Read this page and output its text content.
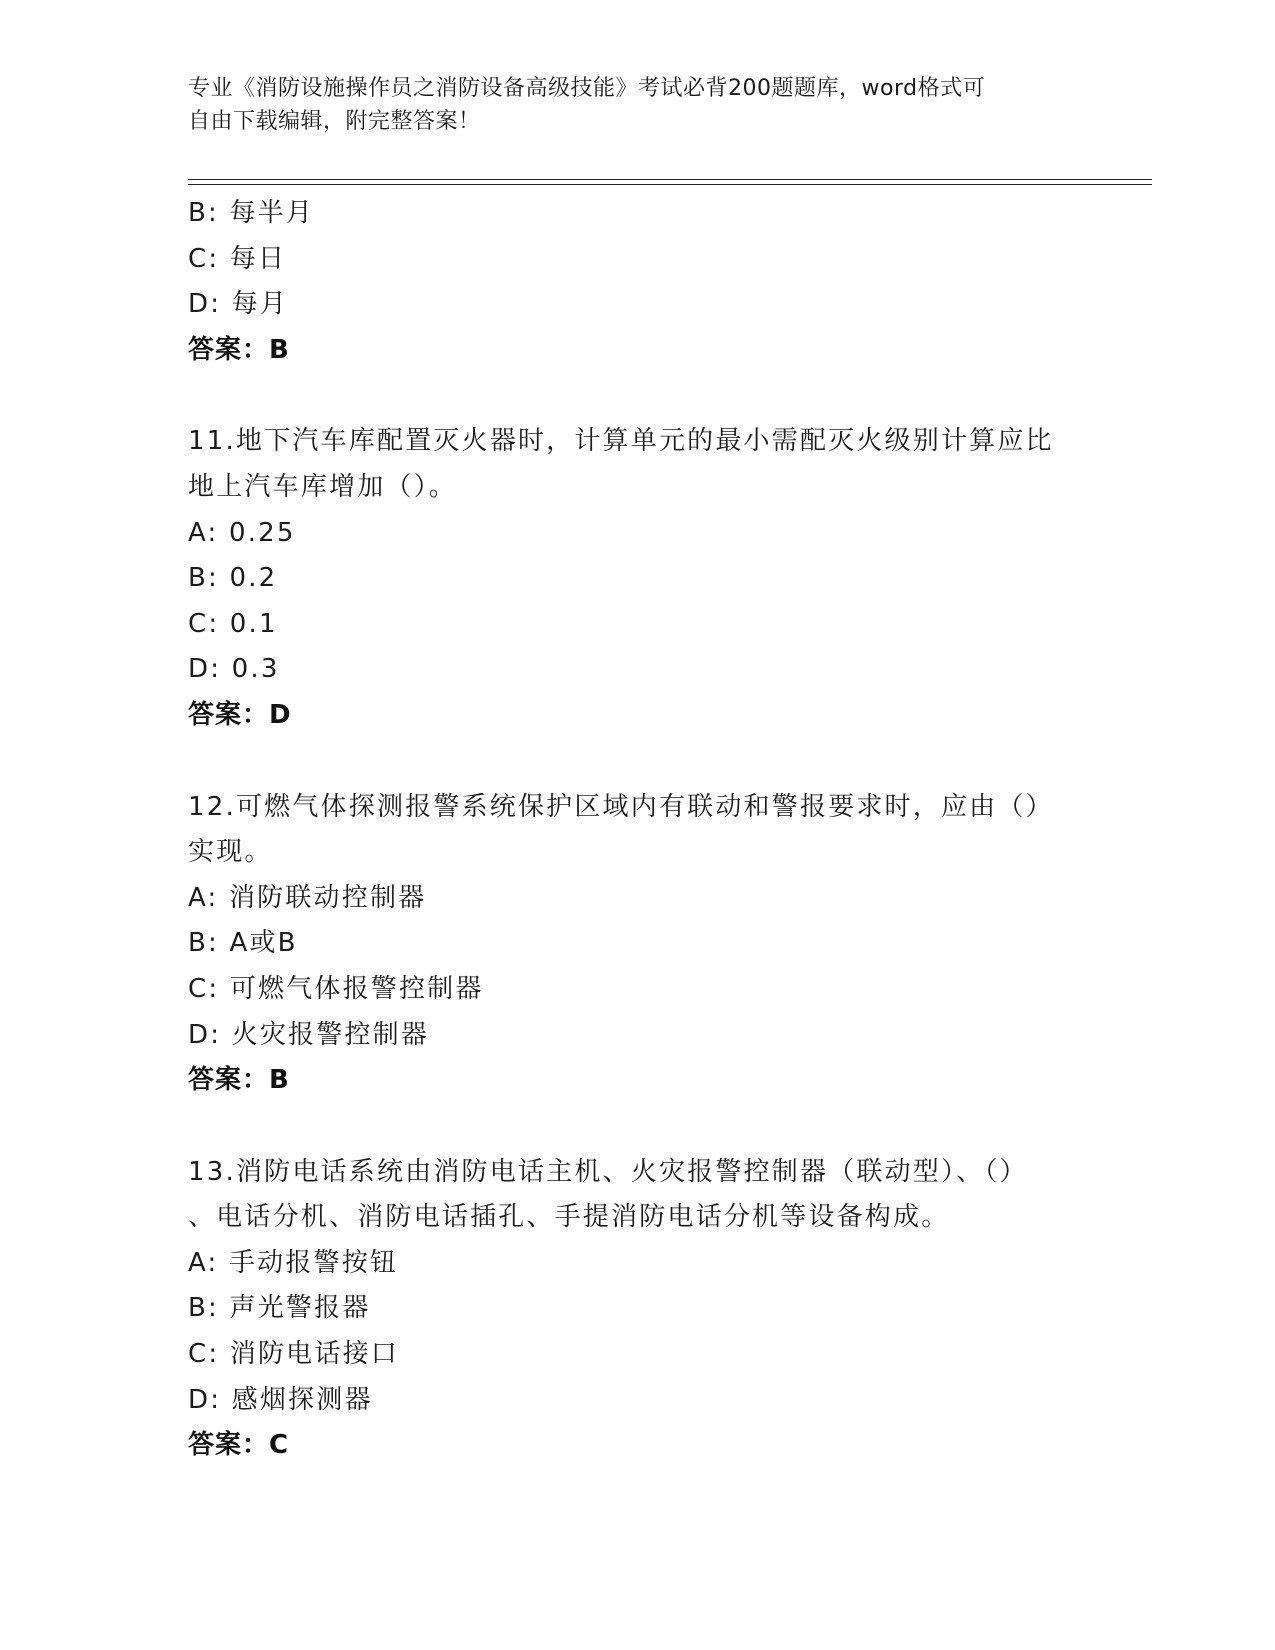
专业《消防设施操作员之消防设备高级技能》考试必背200题题库，word格式可
自由下载编辑，附完整答案！
B: 每半月
C: 每日
D: 每月
答案：B
11.地下汽车库配置灭火器时，计算单元的最小需配灭火级别计算应比
地上汽车库增加（）。
A: 0.25
B: 0.2
C: 0.1
D: 0.3
答案：D
12.可燃气体探测报警系统保护区域内有联动和警报要求时，应由（）
实现。
A: 消防联动控制器
B: A或B
C: 可燃气体报警控制器
D: 火灾报警控制器
答案：B
13.消防电话系统由消防电话主机、火灾报警控制器（联动型）、（）
、电话分机、消防电话插孔、手提消防电话分机等设备构成。
A: 手动报警按钮
B: 声光警报器
C: 消防电话接口
D: 感烟探测器
答案：C
